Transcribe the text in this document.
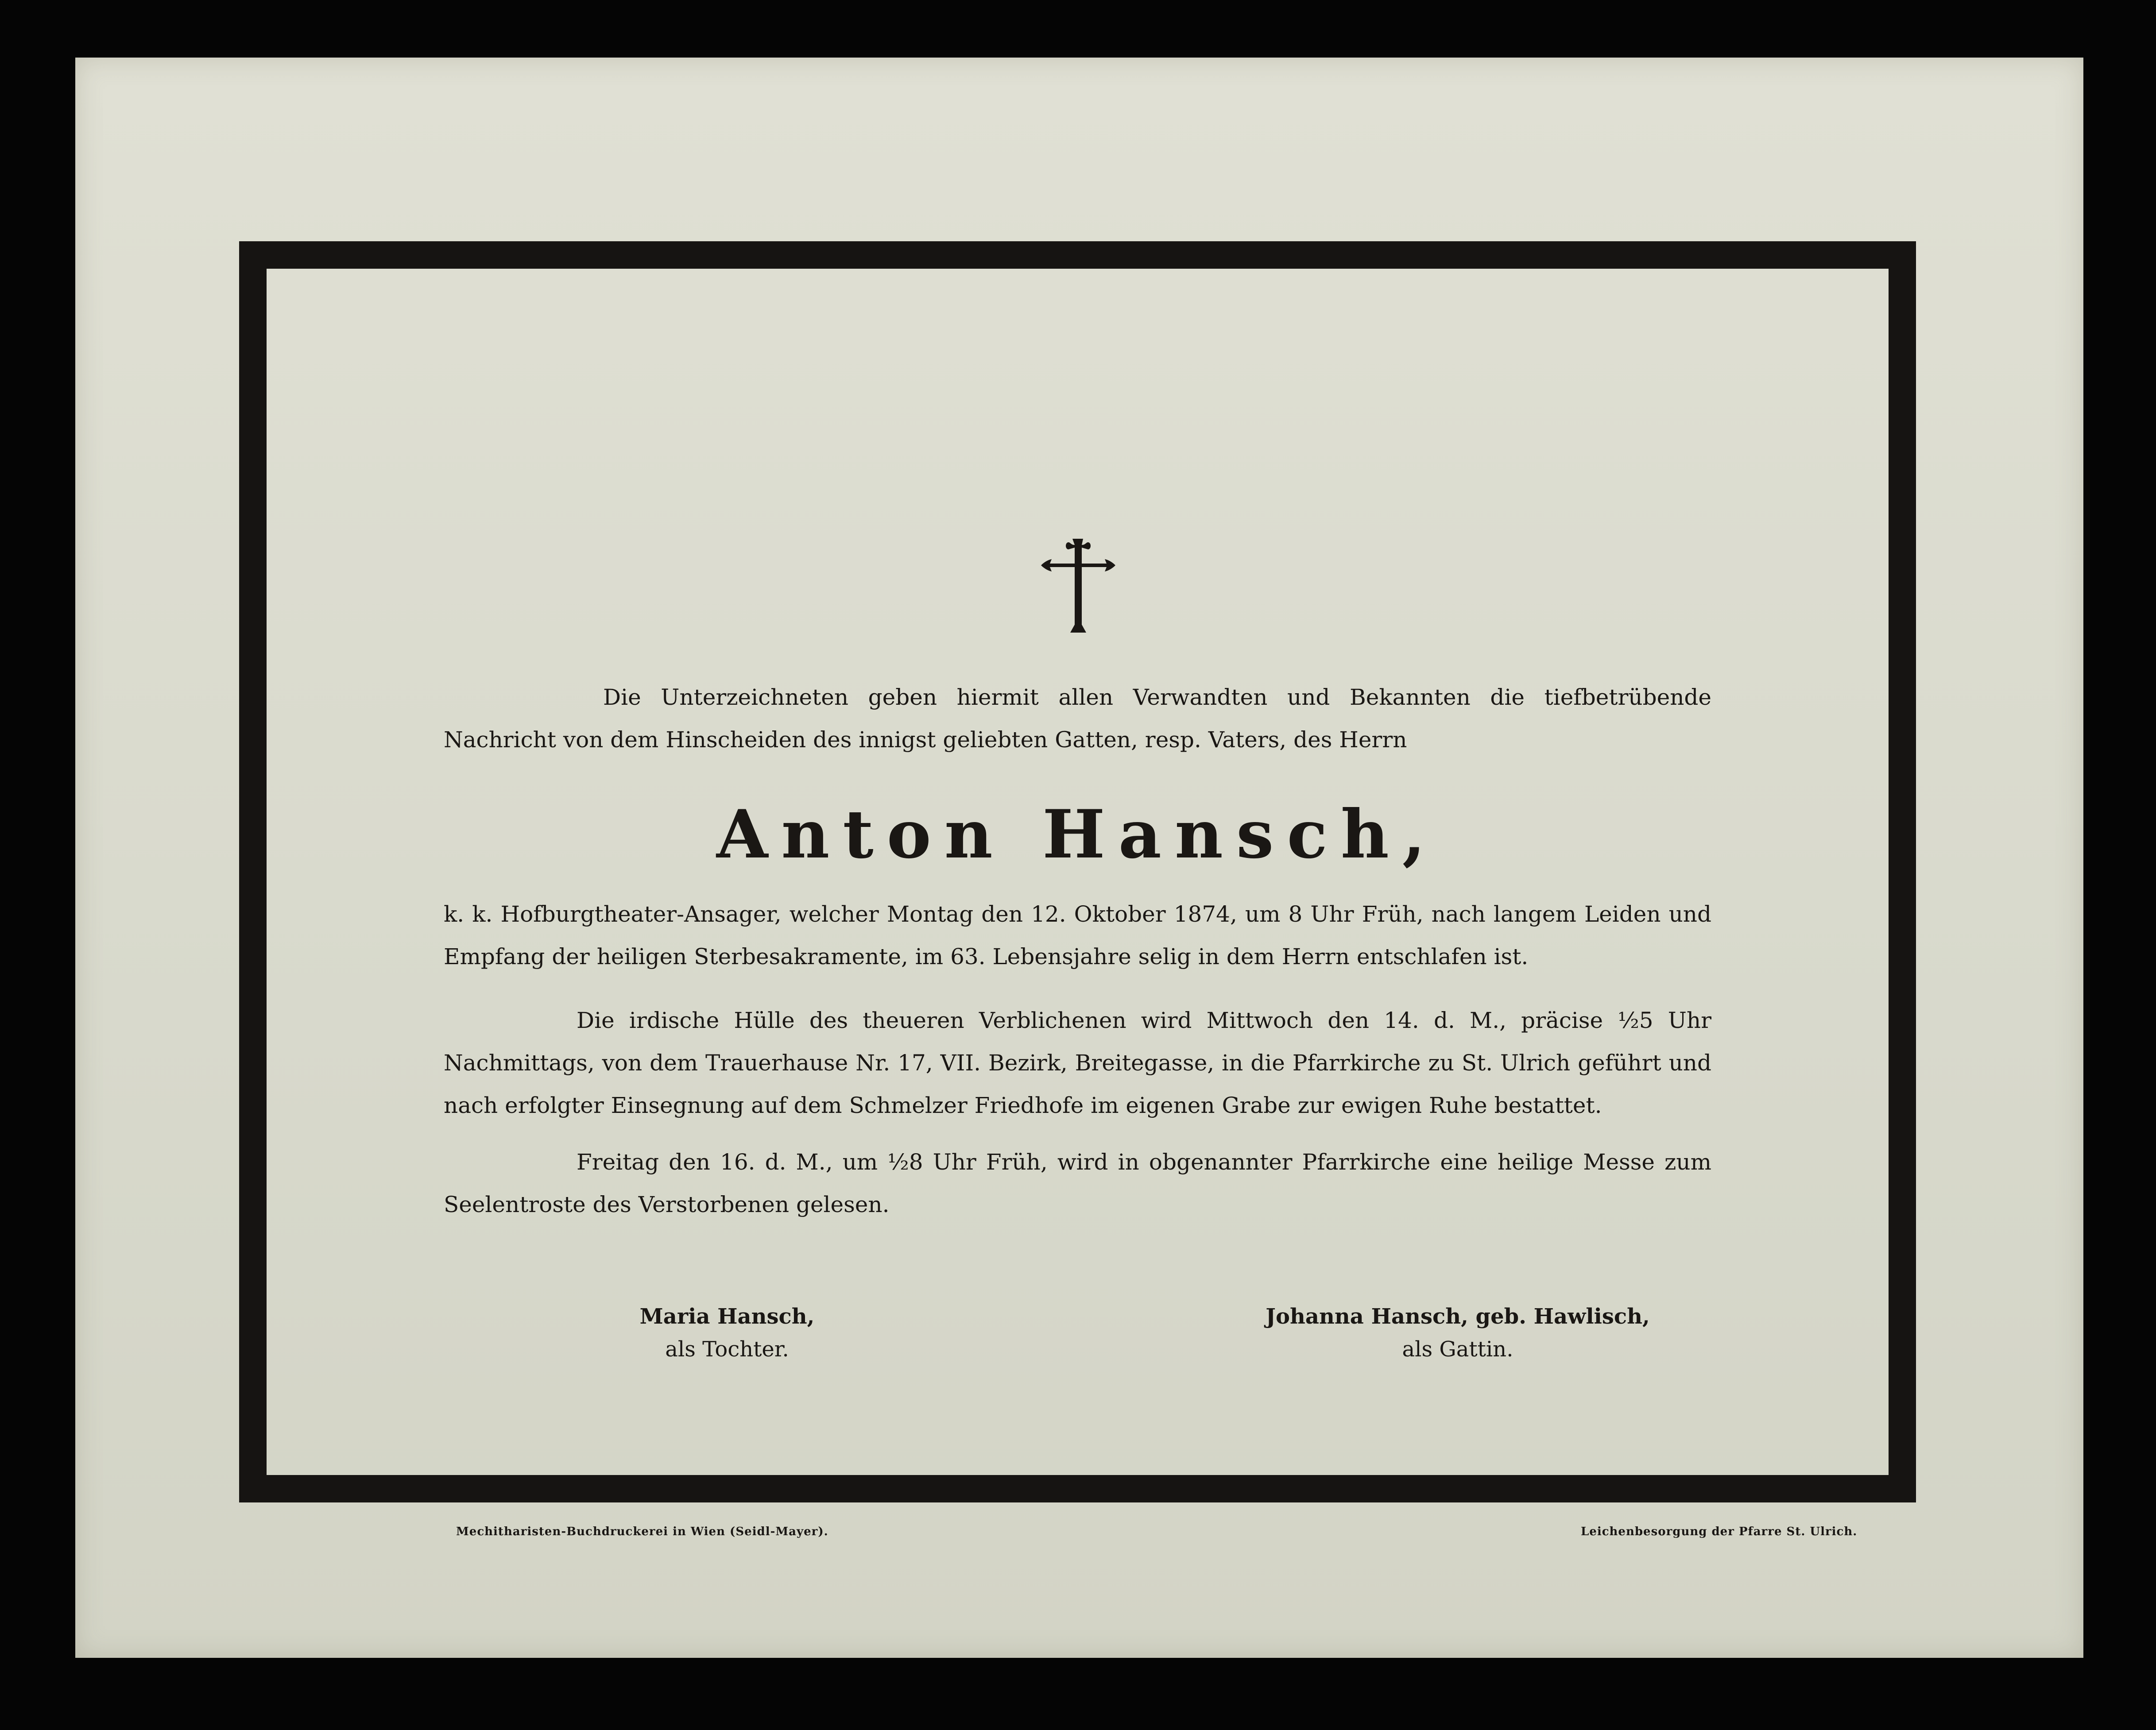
Die Unterzeichneten geben hiermit allen Verwandten und Bekannten die tiefbetrübende Nachricht von dem Hinscheiden des innigst geliebten Gatten, resp. Vaters, des Herrn

Anton Hansch,

k. k. Hofburgtheater-Ansager, welcher Montag den 12. Oktober 1874, um 8 Uhr Früh, nach langem Leiden und Empfang der heiligen Sterbesakramente, im 63. Lebensjahre selig in dem Herrn entschlafen ist.

Die irdische Hülle des theueren Verblichenen wird Mittwoch den 14. d. M., präcise ½5 Uhr Nachmittags, von dem Trauerhause Nr. 17, VII. Bezirk, Breitegasse, in die Pfarrkirche zu St. Ulrich geführt und nach erfolgter Einsegnung auf dem Schmelzer Friedhofe im eigenen Grabe zur ewigen Ruhe bestattet.

Freitag den 16. d. M., um ½8 Uhr Früh, wird in obgenannter Pfarrkirche eine heilige Messe zum Seelentroste des Verstorbenen gelesen.

Maria Hansch,
als Tochter.
Johanna Hansch, geb. Hawlisch,
als Gattin.
Mechitharisten-Buchdruckerei in Wien (Seidl-Mayer).	Leichenbesorgung der Pfarre St. Ulrich.
